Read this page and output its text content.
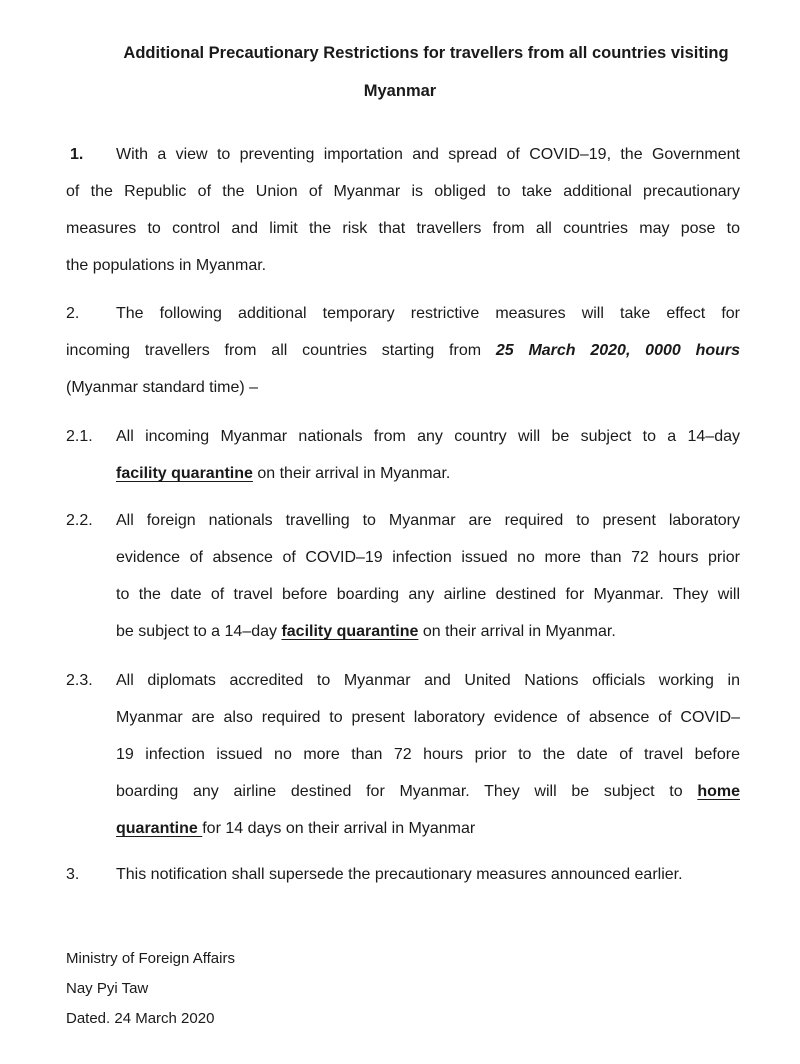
Additional Precautionary Restrictions for travellers from all countries visiting
Myanmar
1. With a view to preventing importation and spread of COVID–19, the Government
of the Republic of the Union of Myanmar is obliged to take additional precautionary
measures to control and limit the risk that travellers from all countries may pose to
the populations in Myanmar.
2. The following additional temporary restrictive measures will take effect for
incoming travellers from all countries starting from 25 March 2020, 0000 hours
(Myanmar standard time) –
2.1. All incoming Myanmar nationals from any country will be subject to a 14–day
facility quarantine on their arrival in Myanmar.
2.2. All foreign nationals travelling to Myanmar are required to present laboratory
evidence of absence of COVID–19 infection issued no more than 72 hours prior
to the date of travel before boarding any airline destined for Myanmar. They will
be subject to a 14–day facility quarantine on their arrival in Myanmar.
2.3. All diplomats accredited to Myanmar and United Nations officials working in
Myanmar are also required to present laboratory evidence of absence of COVID–
19 infection issued no more than 72 hours prior to the date of travel before
boarding any airline destined for Myanmar. They will be subject to home
quarantine for 14 days on their arrival in Myanmar
3. This notification shall supersede the precautionary measures announced earlier.
Ministry of Foreign Affairs
Nay Pyi Taw
Dated. 24 March 2020
